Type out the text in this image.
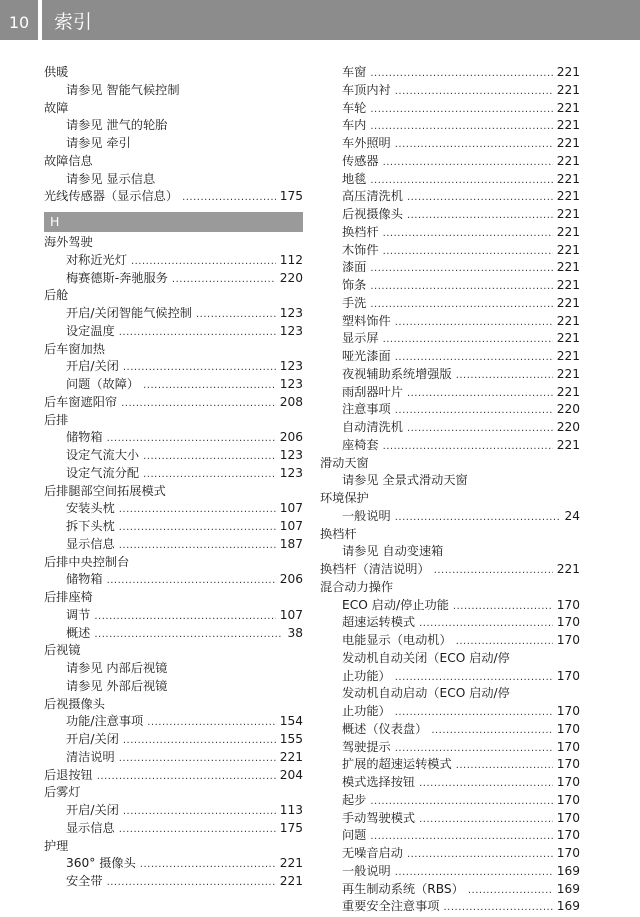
10	索引
供暖
请参见 智能气候控制
故障
请参见 泄气的轮胎
请参见 牵引
故障信息
请参见 显示信息
光线传感器（显示信息） .....	175
H
海外驾驶
对称近光灯 .....	112
梅赛德斯-奔驰服务 .....	220
后舱
开启/关闭智能气候控制 .....	123
设定温度 .....	123
后车窗加热
开启/关闭 .....	123
问题（故障） .....	123
后车窗遮阳帘 .....	208
后排
储物箱 .....	206
设定气流大小 .....	123
设定气流分配 .....	123
后排腿部空间拓展模式
安装头枕 .....	107
拆下头枕 .....	107
显示信息 .....	187
后排中央控制台
储物箱 .....	206
后排座椅
调节 .....	107
概述 .....	38
后视镜
请参见 内部后视镜
请参见 外部后视镜
后视摄像头
功能/注意事项 .....	154
开启/关闭 .....	155
清洁说明 .....	221
后退按钮 .....	204
后雾灯
开启/关闭 .....	113
显示信息 .....	175
护理
360° 摄像头 .....	221
安全带 .....	221
车窗 .....	221
车顶内衬 .....	221
车轮 .....	221
车内 .....	221
车外照明 .....	221
传感器 .....	221
地毯 .....	221
高压清洗机 .....	221
后视摄像头 .....	221
换档杆 .....	221
木饰件 .....	221
漆面 .....	221
饰条 .....	221
手洗 .....	221
塑料饰件 .....	221
显示屏 .....	221
哑光漆面 .....	221
夜视辅助系统增强版 .....	221
雨刮器叶片 .....	221
注意事项 .....	220
自动清洗机 .....	220
座椅套 .....	221
滑动天窗
请参见 全景式滑动天窗
环境保护
一般说明 .....	24
换档杆
请参见 自动变速箱
换档杆（清洁说明） .....	221
混合动力操作
ECO 启动/停止功能 .....	170
超速运转模式 .....	170
电能显示（电动机） .....	170
发动机自动关闭（ECO 启动/停
止功能） .....	170
发动机自动启动（ECO 启动/停
止功能） .....	170
概述（仪表盘） .....	170
驾驶提示 .....	170
扩展的超速运转模式 .....	170
模式选择按钮 .....	170
起步 .....	170
手动驾驶模式 .....	170
问题 .....	170
无噪音启动 .....	170
一般说明 .....	169
再生制动系统（RBS） .....	169
重要安全注意事项 .....	169
